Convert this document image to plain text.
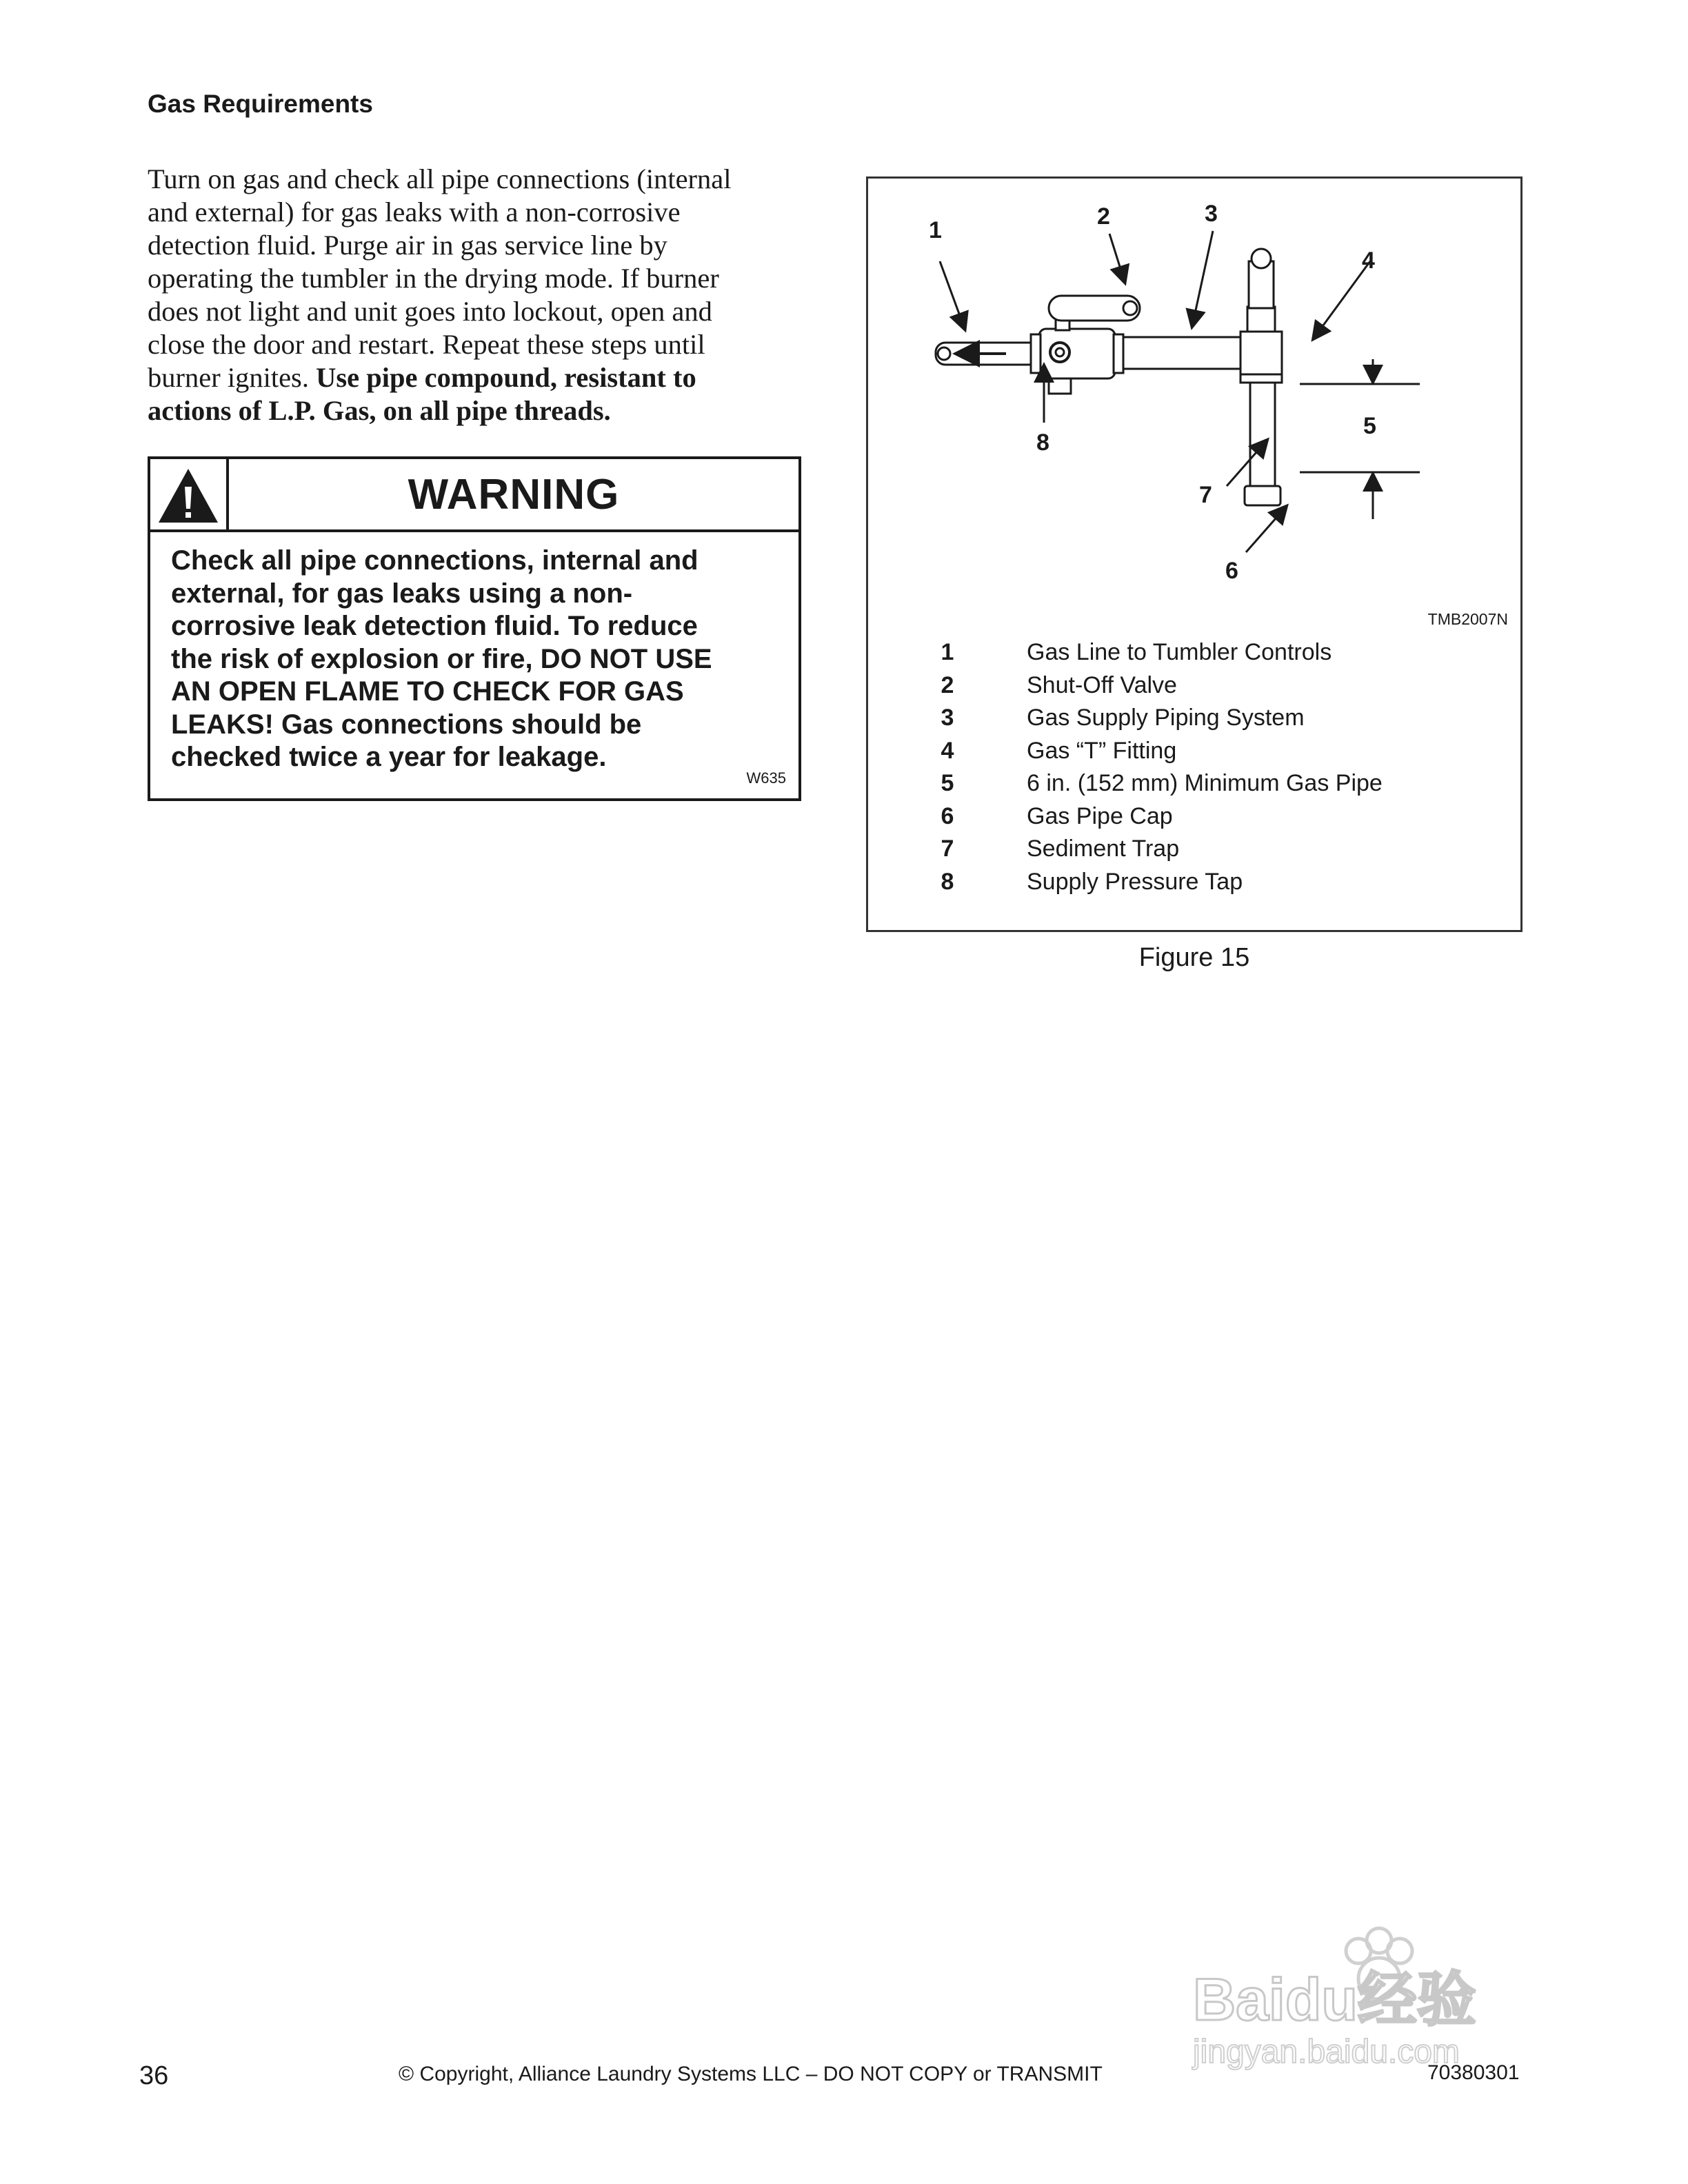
Gas Requirements
Turn on gas and check all pipe connections (internal
and external) for gas leaks with a non-corrosive
detection fluid. Purge air in gas service line by
operating the tumbler in the drying mode. If burner
does not light and unit goes into lockout, open and
close the door and restart. Repeat these steps until
burner ignites. Use pipe compound, resistant to
actions of L.P. Gas, on all pipe threads.
WARNING
Check all pipe connections, internal and
external, for gas leaks using a non-
corrosive leak detection fluid. To reduce
the risk of explosion or fire, DO NOT USE
AN OPEN FLAME TO CHECK FOR GAS
LEAKS! Gas connections should be
checked twice a year for leakage.
W635
1
2	3
4
5
6
7
8
TMB2007N
1	Gas Line to Tumbler Controls
2	Shut-Off Valve
3	Gas Supply Piping System
4	Gas “T” Fitting
5	6 in. (152 mm) Minimum Gas Pipe
6	Gas Pipe Cap
7	Sediment Trap
8	Supply Pressure Tap
Figure 15
Baidu经验
jingyan.baidu.com
36	© Copyright, Alliance Laundry Systems LLC – DO NOT COPY or TRANSMIT	70380301
